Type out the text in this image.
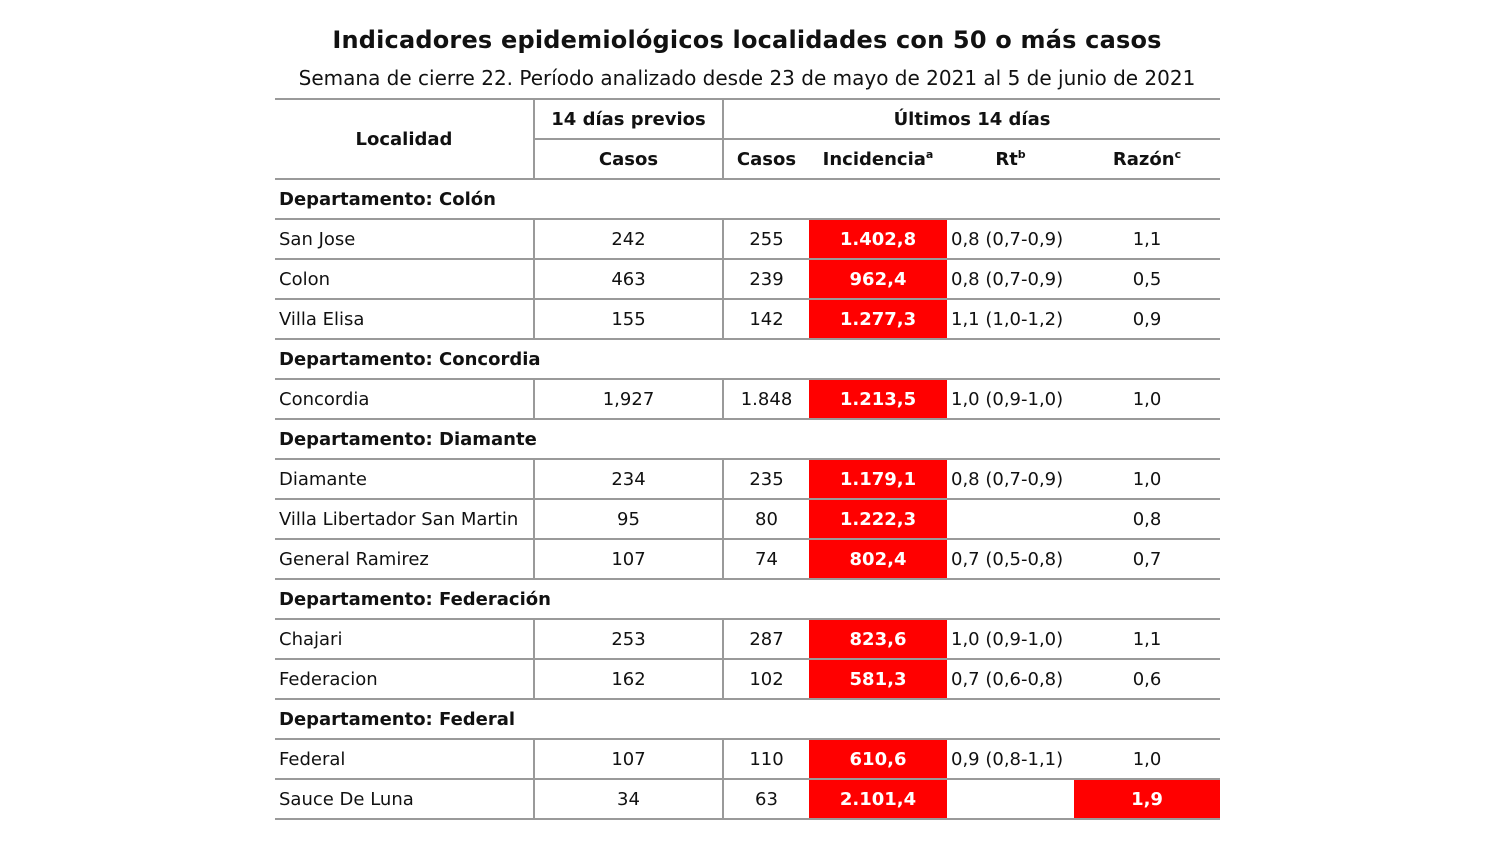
Indicadores epidemiológicos localidades con 50 o más casos
Semana de cierre 22. Período analizado desde 23 de mayo de 2021 al 5 de junio de 2021
Localidad	14 días previos	Últimos 14 días			
	Casos	Casos	Incidencia$^a$	Rt$^b$	Razón$^c$
Departamento: Colón					
San Jose	242	255	1.402,8	0,8 (0,7-0,9)	1,1
Colon	463	239	962,4	0,8 (0,7-0,9)	0,5
Villa Elisa	155	142	1.277,3	1,1 (1,0-1,2)	0,9
Departamento: Concordia					
Concordia	1,927	1.848	1.213,5	1,0 (0,9-1,0)	1,0
Departamento: Diamante					
Diamante	234	235	1.179,1	0,8 (0,7-0,9)	1,0
Villa Libertador San Martin	95	80	1.222,3		0,8
General Ramirez	107	74	802,4	0,7 (0,5-0,8)	0,7
Departamento: Federación					
Chajari	253	287	823,6	1,0 (0,9-1,0)	1,1
Federacion	162	102	581,3	0,7 (0,6-0,8)	0,6
Departamento: Federal					
Federal	107	110	610,6	0,9 (0,8-1,1)	1,0
Sauce De Luna	34	63	2.101,4		1,9
